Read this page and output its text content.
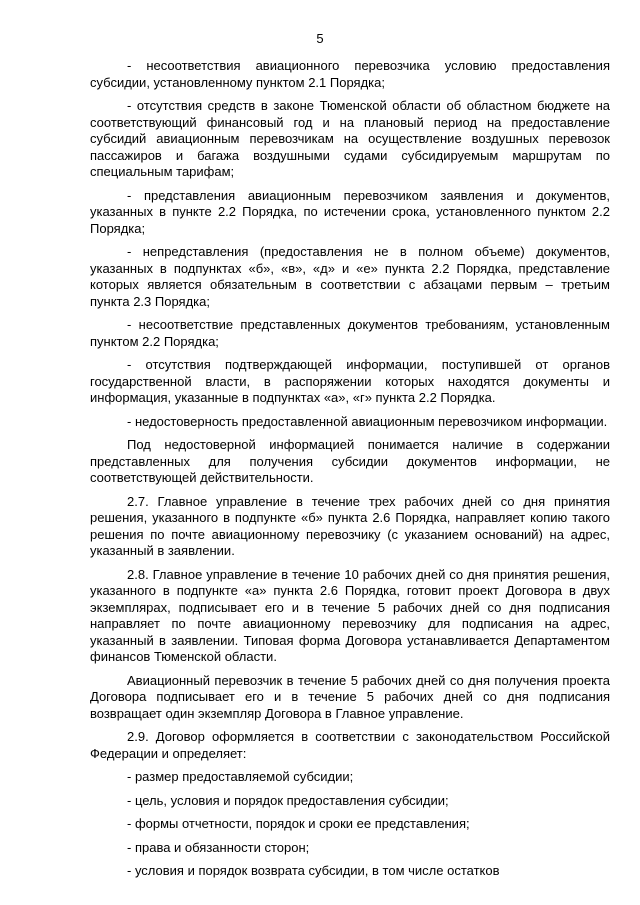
5

- несоответствия авиационного перевозчика условию предоставления субсидии, установленному пунктом 2.1 Порядка;

- отсутствия средств в законе Тюменской области об областном бюджете на соответствующий финансовый год и на плановый период на предоставление субсидий авиационным перевозчикам на осуществление воздушных перевозок пассажиров и багажа воздушными судами субсидируемым маршрутам по специальным тарифам;

- представления авиационным перевозчиком заявления и документов, указанных в пункте 2.2 Порядка, по истечении срока, установленного пунктом 2.2 Порядка;

- непредставления (предоставления не в полном объеме) документов, указанных в подпунктах «б», «в», «д» и «е» пункта 2.2 Порядка, представление которых является обязательным в соответствии с абзацами первым – третьим пункта 2.3 Порядка;

- несоответствие представленных документов требованиям, установленным пунктом 2.2 Порядка;

- отсутствия подтверждающей информации, поступившей от органов государственной власти, в распоряжении которых находятся документы и информация, указанные в подпунктах «а», «г» пункта 2.2 Порядка.

- недостоверность предоставленной авиационным перевозчиком информации.

Под недостоверной информацией понимается наличие в содержании представленных для получения субсидии документов информации, не соответствующей действительности.

2.7. Главное управление в течение трех рабочих дней со дня принятия решения, указанного в подпункте «б» пункта 2.6 Порядка, направляет копию такого решения по почте авиационному перевозчику (с указанием оснований) на адрес, указанный в заявлении.

2.8. Главное управление в течение 10 рабочих дней со дня принятия решения, указанного в подпункте «а» пункта 2.6 Порядка, готовит проект Договора в двух экземплярах, подписывает его и в течение 5 рабочих дней со дня подписания направляет по почте авиационному перевозчику для подписания на адрес, указанный в заявлении. Типовая форма Договора устанавливается Департаментом финансов Тюменской области.

Авиационный перевозчик в течение 5 рабочих дней со дня получения проекта Договора подписывает его и в течение 5 рабочих дней со дня подписания возвращает один экземпляр Договора в Главное управление.

2.9. Договор оформляется в соответствии с законодательством Российской Федерации и определяет:

- размер предоставляемой субсидии;

- цель, условия и порядок предоставления субсидии;

- формы отчетности, порядок и сроки ее представления;

- права и обязанности сторон;

- условия и порядок возврата субсидии, в том числе остатков
